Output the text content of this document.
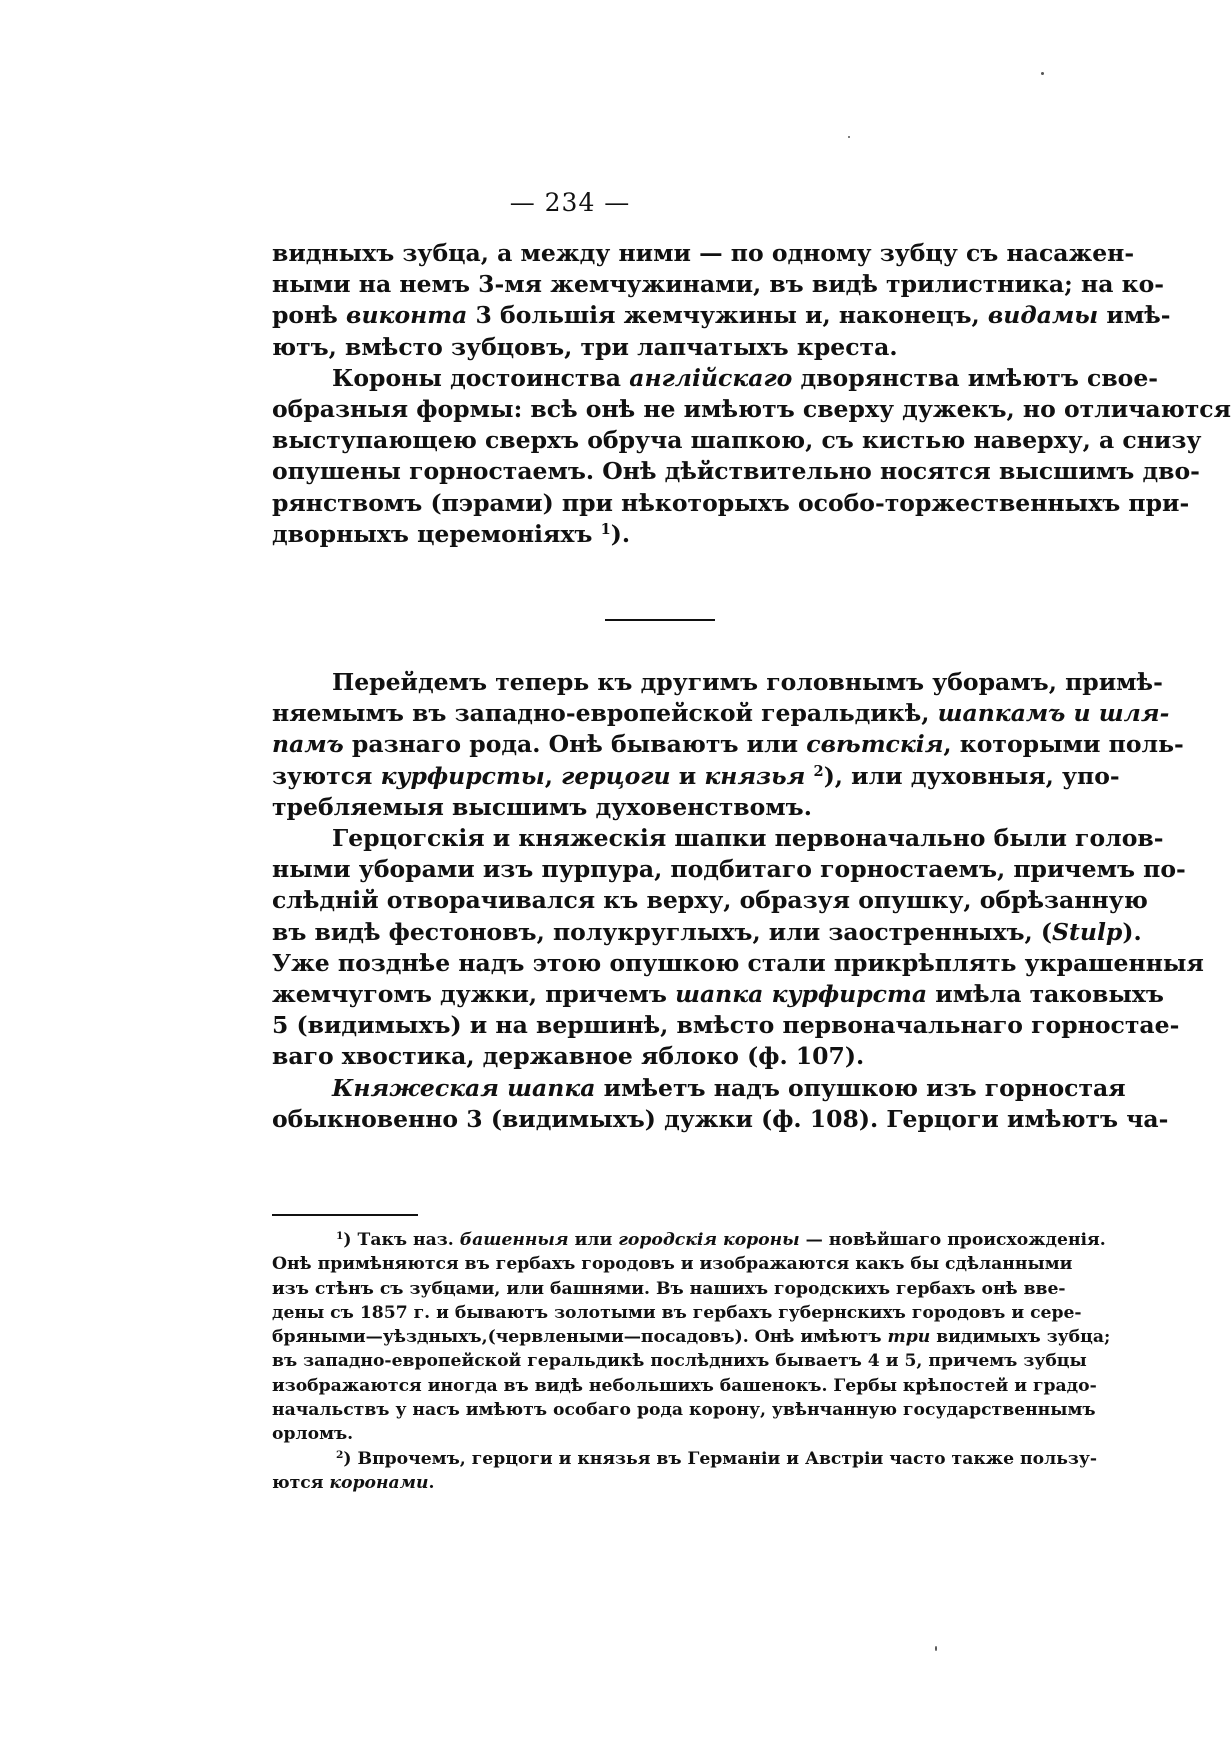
— 234 —
видныхъ зубца, а между ними — по одному зубцу съ насажен-
ными на немъ 3-мя жемчужинами, въ видѣ трилистника; на ко-
ронѣ виконта 3 большія жемчужины и, наконецъ, видамы имѣ-
ютъ, вмѣсто зубцовъ, три лапчатыхъ креста.
Короны достоинства англійскаго дворянства имѣютъ свое-
образныя формы: всѣ онѣ не имѣютъ сверху дужекъ, но отличаются
выступающею сверхъ обруча шапкою, съ кистью наверху, а снизу
опушены горностаемъ. Онѣ дѣйствительно носятся высшимъ дво-
рянствомъ (пэрами) при нѣкоторыхъ особо-торжественныхъ при-
дворныхъ церемоніяхъ $^1$).
Перейдемъ теперь къ другимъ головнымъ уборамъ, примѣ-
няемымъ въ западно-европейской геральдикѣ, шапкамъ и шля-
памъ разнаго рода. Онѣ бываютъ или свѣтскія, которыми поль-
зуются курфирсты, герцоги и князья $^2$), или духовныя, упо-
требляемыя высшимъ духовенствомъ.
Герцогскія и княжескія шапки первоначально были голов-
ными уборами изъ пурпура, подбитаго горностаемъ, причемъ по-
слѣдній отворачивался къ верху, образуя опушку, обрѣзанную
въ видѣ фестоновъ, полукруглыхъ, или заостренныхъ, (Stulp).
Уже позднѣе надъ этою опушкою стали прикрѣплять украшенныя
жемчугомъ дужки, причемъ шапка курфирста имѣла таковыхъ
5 (видимыхъ) и на вершинѣ, вмѣсто первоначальнаго горностае-
ваго хвостика, державное яблоко (ф. 107).
Княжеская шапка имѣетъ надъ опушкою изъ горностая
обыкновенно 3 (видимыхъ) дужки (ф. 108). Герцоги имѣютъ ча-
$^1$) Такъ наз. башенныя или городскія короны — новѣйшаго происхожденія.
Онѣ примѣняются въ гербахъ городовъ и изображаются какъ бы сдѣланными
изъ стѣнъ съ зубцами, или башнями. Въ нашихъ городскихъ гербахъ онѣ вве-
дены съ 1857 г. и бываютъ золотыми въ гербахъ губернскихъ городовъ и сере-
бряными—уѣздныхъ,(червлеными—посадовъ). Онѣ имѣютъ три видимыхъ зубца;
въ западно-европейской геральдикѣ послѣднихъ бываетъ 4 и 5, причемъ зубцы
изображаются иногда въ видѣ небольшихъ башенокъ. Гербы крѣпостей и градо-
начальствъ у насъ имѣютъ особаго рода корону, увѣнчанную государственнымъ
орломъ.
$^2$) Впрочемъ, герцоги и князья въ Германіи и Австріи часто также пользу-
ются коронами.
